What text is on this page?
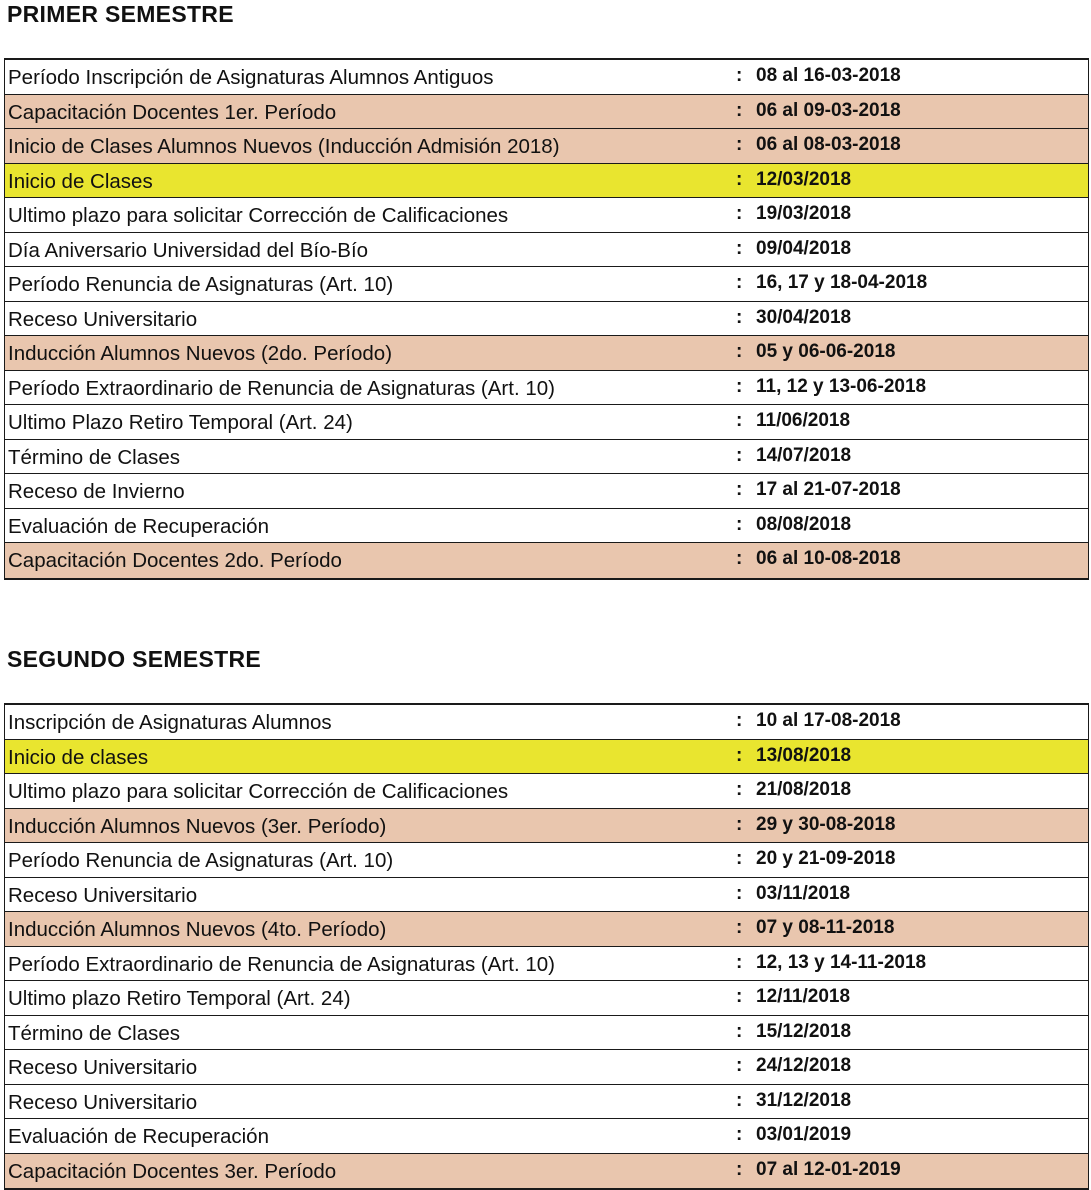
PRIMER SEMESTRE
Período Inscripción de Asignaturas Alumnos Antiguos	: 08 al 16-03-2018
Capacitación Docentes 1er. Período	: 06 al 09-03-2018
Inicio de Clases Alumnos Nuevos (Inducción Admisión 2018)	: 06 al 08-03-2018
Inicio de Clases	: 12/03/2018
Ultimo plazo para solicitar Corrección de Calificaciones	: 19/03/2018
Día Aniversario Universidad del Bío-Bío	: 09/04/2018
Período Renuncia de Asignaturas (Art. 10)	: 16, 17 y 18-04-2018
Receso Universitario	: 30/04/2018
Inducción Alumnos Nuevos (2do. Período)	: 05 y 06-06-2018
Período Extraordinario de Renuncia de Asignaturas (Art. 10)	: 11, 12 y 13-06-2018
Ultimo Plazo Retiro Temporal (Art. 24)	: 11/06/2018
Término de Clases	: 14/07/2018
Receso de Invierno	: 17 al 21-07-2018
Evaluación de Recuperación	: 08/08/2018
Capacitación Docentes 2do. Período	: 06 al 10-08-2018
SEGUNDO SEMESTRE
Inscripción de Asignaturas Alumnos	: 10 al 17-08-2018
Inicio de clases	: 13/08/2018
Ultimo plazo para solicitar Corrección de Calificaciones	: 21/08/2018
Inducción Alumnos Nuevos (3er. Período)	: 29 y 30-08-2018
Período Renuncia de Asignaturas (Art. 10)	: 20 y 21-09-2018
Receso Universitario	: 03/11/2018
Inducción Alumnos Nuevos (4to. Período)	: 07 y 08-11-2018
Período Extraordinario de Renuncia de Asignaturas (Art. 10)	: 12, 13 y 14-11-2018
Ultimo plazo Retiro Temporal (Art. 24)	: 12/11/2018
Término de Clases	: 15/12/2018
Receso Universitario	: 24/12/2018
Receso Universitario	: 31/12/2018
Evaluación de Recuperación	: 03/01/2019
Capacitación Docentes 3er. Período	: 07 al 12-01-2019
